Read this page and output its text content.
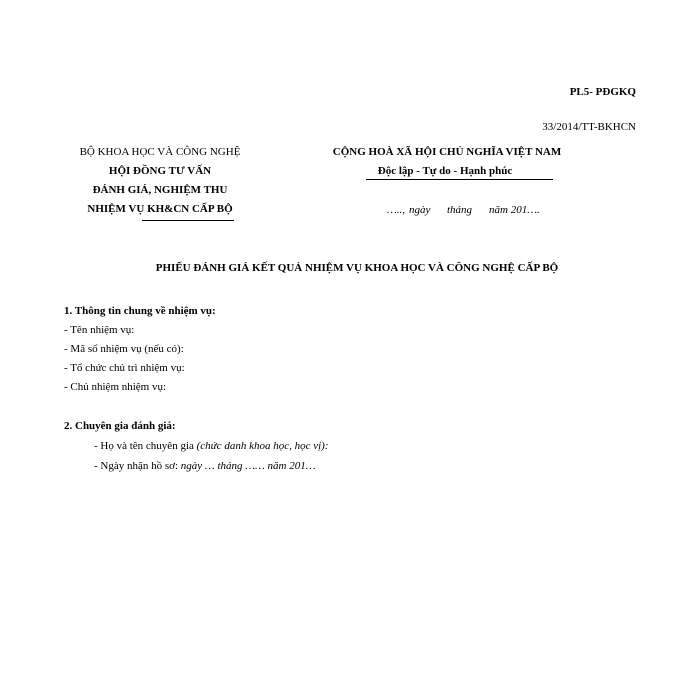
PL5- PĐGKQ
33/2014/TT-BKHCN
BỘ KHOA HỌC VÀ CÔNG NGHỆ
HỘI ĐỒNG TƯ VẤN
ĐÁNH GIÁ, NGHIỆM THU
NHIỆM VỤ KH&CN CẤP BỘ
CỘNG HOÀ XÃ HỘI CHỦ NGHĨA VIỆT NAM
Độc lập - Tự do - Hạnh phúc
….., ngày tháng năm 201….
PHIẾU ĐÁNH GIÁ KẾT QUẢ NHIỆM VỤ KHOA HỌC VÀ CÔNG NGHỆ CẤP BỘ
1. Thông tin chung về nhiệm vụ:
- Tên nhiệm vụ:
- Mã số nhiệm vụ (nếu có):
- Tổ chức chủ trì nhiệm vụ:
- Chủ nhiệm nhiệm vụ:
2. Chuyên gia đánh giá:
- Họ và tên chuyên gia (chức danh khoa học, học vị):
- Ngày nhận hồ sơ: ngày … tháng …… năm 201…
